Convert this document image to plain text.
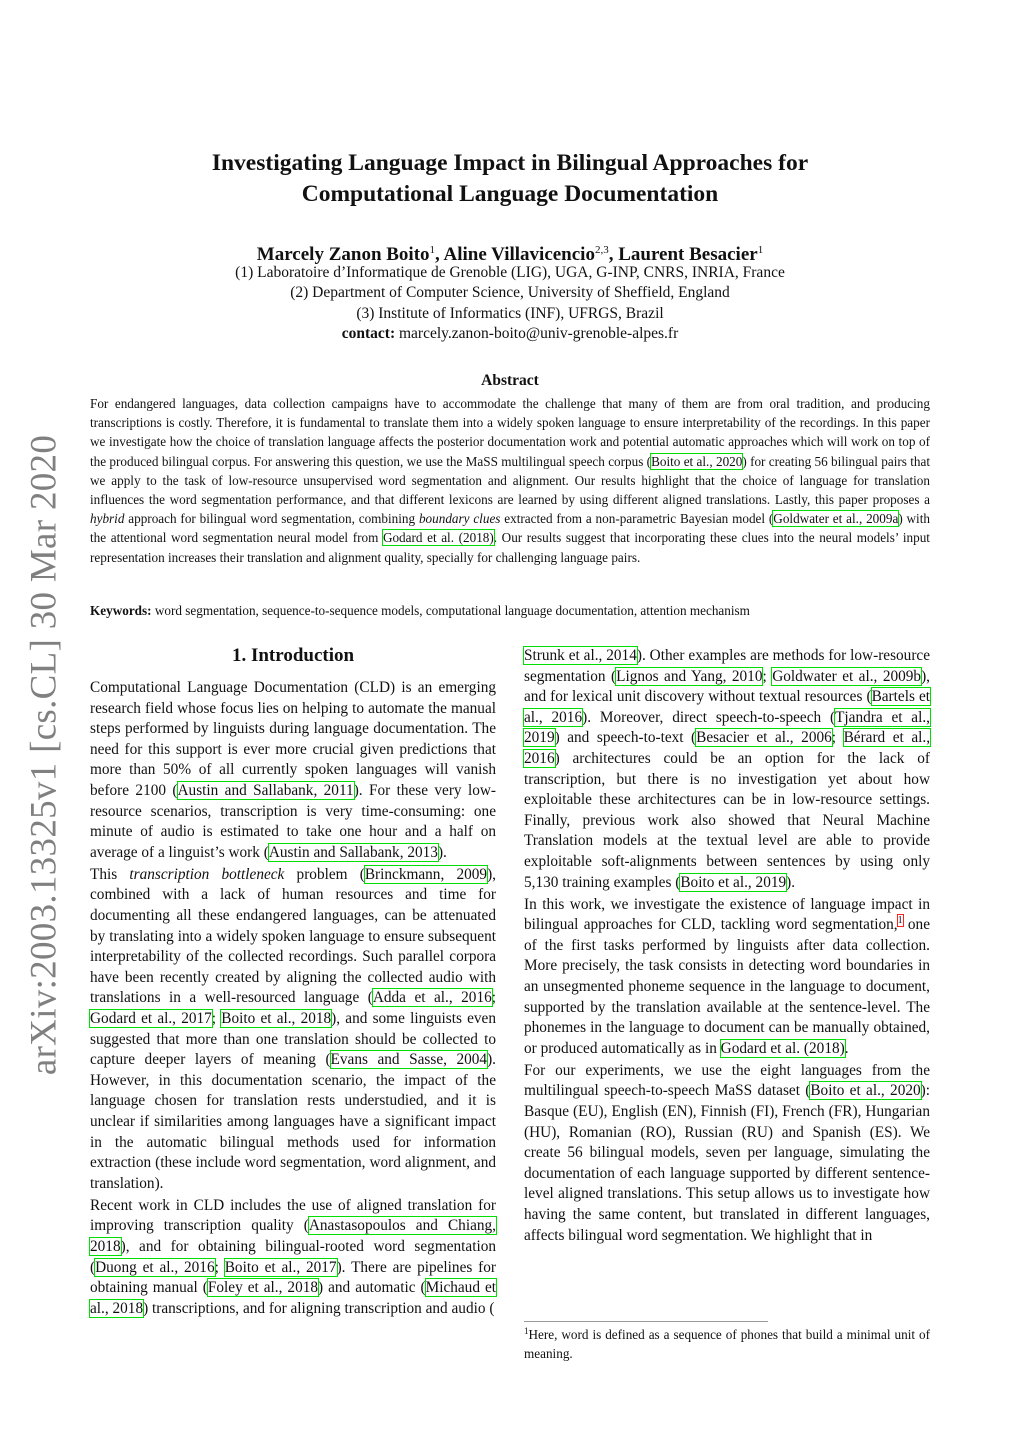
arXiv:2003.13325v1 [cs.CL] 30 Mar 2020
Investigating Language Impact in Bilingual Approaches for
Computational Language Documentation
Marcely Zanon Boito$^1$, Aline Villavicencio$^{2,3}$, Laurent Besacier$^1$
(1) Laboratoire d’Informatique de Grenoble (LIG), UGA, G-INP, CNRS, INRIA, France
(2) Department of Computer Science, University of Sheffield, England
(3) Institute of Informatics (INF), UFRGS, Brazil
contact: marcely.zanon-boito@univ-grenoble-alpes.fr
Abstract

For endangered languages, data collection campaigns have to accommodate the challenge that many of them are from oral tradition, and producing transcriptions is costly. Therefore, it is fundamental to translate them into a widely spoken language to ensure interpretability of the recordings. In this paper we investigate how the choice of translation language affects the posterior documentation work and potential automatic approaches which will work on top of the produced bilingual corpus. For answering this question, we use the MaSS multilingual speech corpus (Boito et al., 2020) for creating 56 bilingual pairs that we apply to the task of low-resource unsupervised word segmentation and alignment. Our results highlight that the choice of language for translation influences the word segmentation performance, and that different lexicons are learned by using different aligned translations. Lastly, this paper proposes a hybrid approach for bilingual word segmentation, combining boundary clues extracted from a non-parametric Bayesian model (Goldwater et al., 2009a) with the attentional word segmentation neural model from Godard et al. (2018). Our results suggest that incorporating these clues into the neural models’ input representation increases their translation and alignment quality, specially for challenging language pairs.

Keywords: word segmentation, sequence-to-sequence models, computational language documentation, attention mechanism

1. Introduction

Computational Language Documentation (CLD) is an emerging research field whose focus lies on helping to automate the manual steps performed by linguists during language documentation. The need for this support is ever more crucial given predictions that more than 50% of all currently spoken languages will vanish before 2100 (Austin and Sallabank, 2011). For these very low-resource scenarios, transcription is very time-consuming: one minute of audio is estimated to take one hour and a half on average of a linguist’s work (Austin and Sallabank, 2013).

This transcription bottleneck problem (Brinckmann, 2009), combined with a lack of human resources and time for documenting all these endangered languages, can be attenuated by translating into a widely spoken language to ensure subsequent interpretability of the collected recordings. Such parallel corpora have been recently created by aligning the collected audio with translations in a well-resourced language (Adda et al., 2016; Godard et al., 2017; Boito et al., 2018), and some linguists even suggested that more than one translation should be collected to capture deeper layers of meaning (Evans and Sasse, 2004). However, in this documentation scenario, the impact of the language chosen for translation rests understudied, and it is unclear if similarities among languages have a significant impact in the automatic bilingual methods used for information extraction (these include word segmentation, word alignment, and translation).

Recent work in CLD includes the use of aligned translation for improving transcription quality (Anastasopoulos and Chiang, 2018), and for obtaining bilingual-rooted word segmentation (Duong et al., 2016; Boito et al., 2017). There are pipelines for obtaining manual (Foley et al., 2018) and automatic (Michaud et al., 2018) transcriptions, and for aligning transcription and audio (

Strunk et al., 2014). Other examples are methods for low-resource segmentation (Lignos and Yang, 2010; Goldwater et al., 2009b), and for lexical unit discovery without textual resources (Bartels et al., 2016). Moreover, direct speech-to-speech (Tjandra et al., 2019) and speech-to-text (Besacier et al., 2006; Bérard et al., 2016) architectures could be an option for the lack of transcription, but there is no investigation yet about how exploitable these architectures can be in low-resource settings. Finally, previous work also showed that Neural Machine Translation models at the textual level are able to provide exploitable soft-alignments between sentences by using only 5,130 training examples (Boito et al., 2019).

In this work, we investigate the existence of language impact in bilingual approaches for CLD, tackling word segmentation,$^1$ one of the first tasks performed by linguists after data collection. More precisely, the task consists in detecting word boundaries in an unsegmented phoneme sequence in the language to document, supported by the translation available at the sentence-level. The phonemes in the language to document can be manually obtained, or produced automatically as in Godard et al. (2018).

For our experiments, we use the eight languages from the multilingual speech-to-speech MaSS dataset (Boito et al., 2020): Basque (EU), English (EN), Finnish (FI), French (FR), Hungarian (HU), Romanian (RO), Russian (RU) and Spanish (ES). We create 56 bilingual models, seven per language, simulating the documentation of each language supported by different sentence-level aligned translations. This setup allows us to investigate how having the same content, but translated in different languages, affects bilingual word segmentation. We highlight that in

$^1$Here, word is defined as a sequence of phones that build a minimal unit of meaning.
